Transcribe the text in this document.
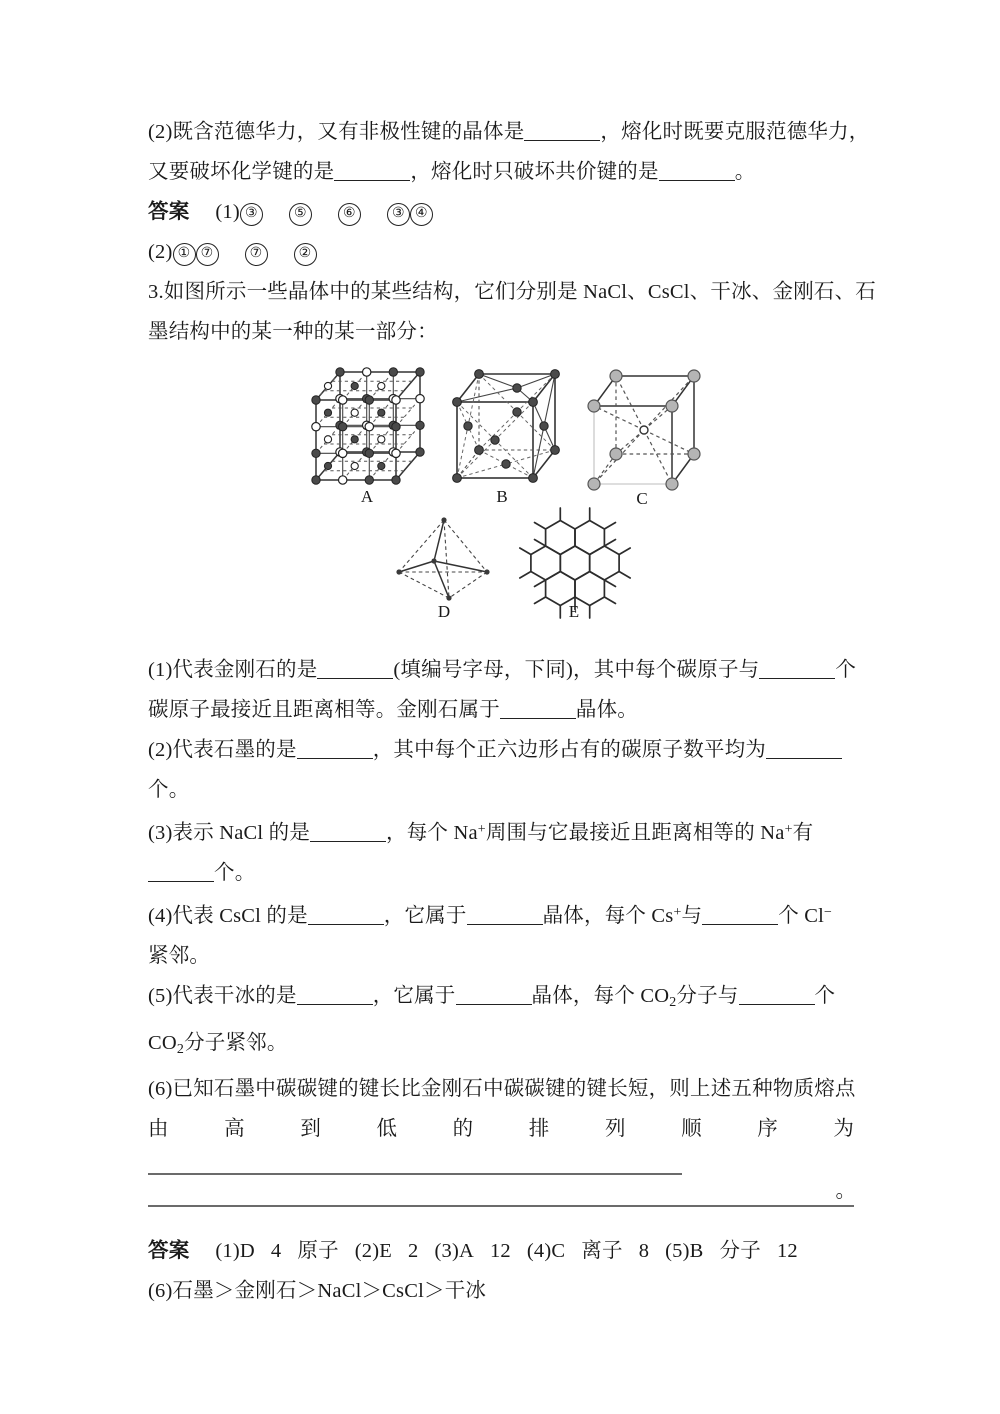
(2)既含范德华力，又有非极性键的晶体是	，熔化时既要克服范德华力，
又要破坏化学键的是	，熔化时只破坏共价键的是	。
答案 (1) ③	⑤	⑥	③ ④
(2) ① ⑦	⑦	②
3.如图所示一些晶体中的某些结构，它们分别是 NaCl、CsCl、干冰、金刚石、石
墨结构中的某一种的某一部分：
A	B	C
D	E
(1)代表金刚石的是	(填编号字母，下同)，其中每个碳原子与	个
碳原子最接近且距离相等。金刚石属于	晶体。
(2)代表石墨的是	，其中每个正六边形占有的碳原子数平均为
个。
(3)表示 NaCl 的是	，每个 Na+周围与它最接近且距离相等的 Na+有
个。
(4)代表 CsCl 的是	，它属于	晶体，每个 Cs+与	个 Cl−
紧邻。
(5)代表干冰的是	，它属于	晶体，每个 $CO_2$分子与	个
$CO_2$分子紧邻。
(6)已知石墨中碳碳键的键长比金刚石中碳碳键的键长短，则上述五种物质熔点
由	高	到	低	的	排	列	顺	序	为
。
答案 (1)D 4 原子 (2)E 2 (3)A 12 (4)C 离子 8 (5)B 分子 12
(6)石墨＞金刚石＞NaCl＞CsCl＞干冰
